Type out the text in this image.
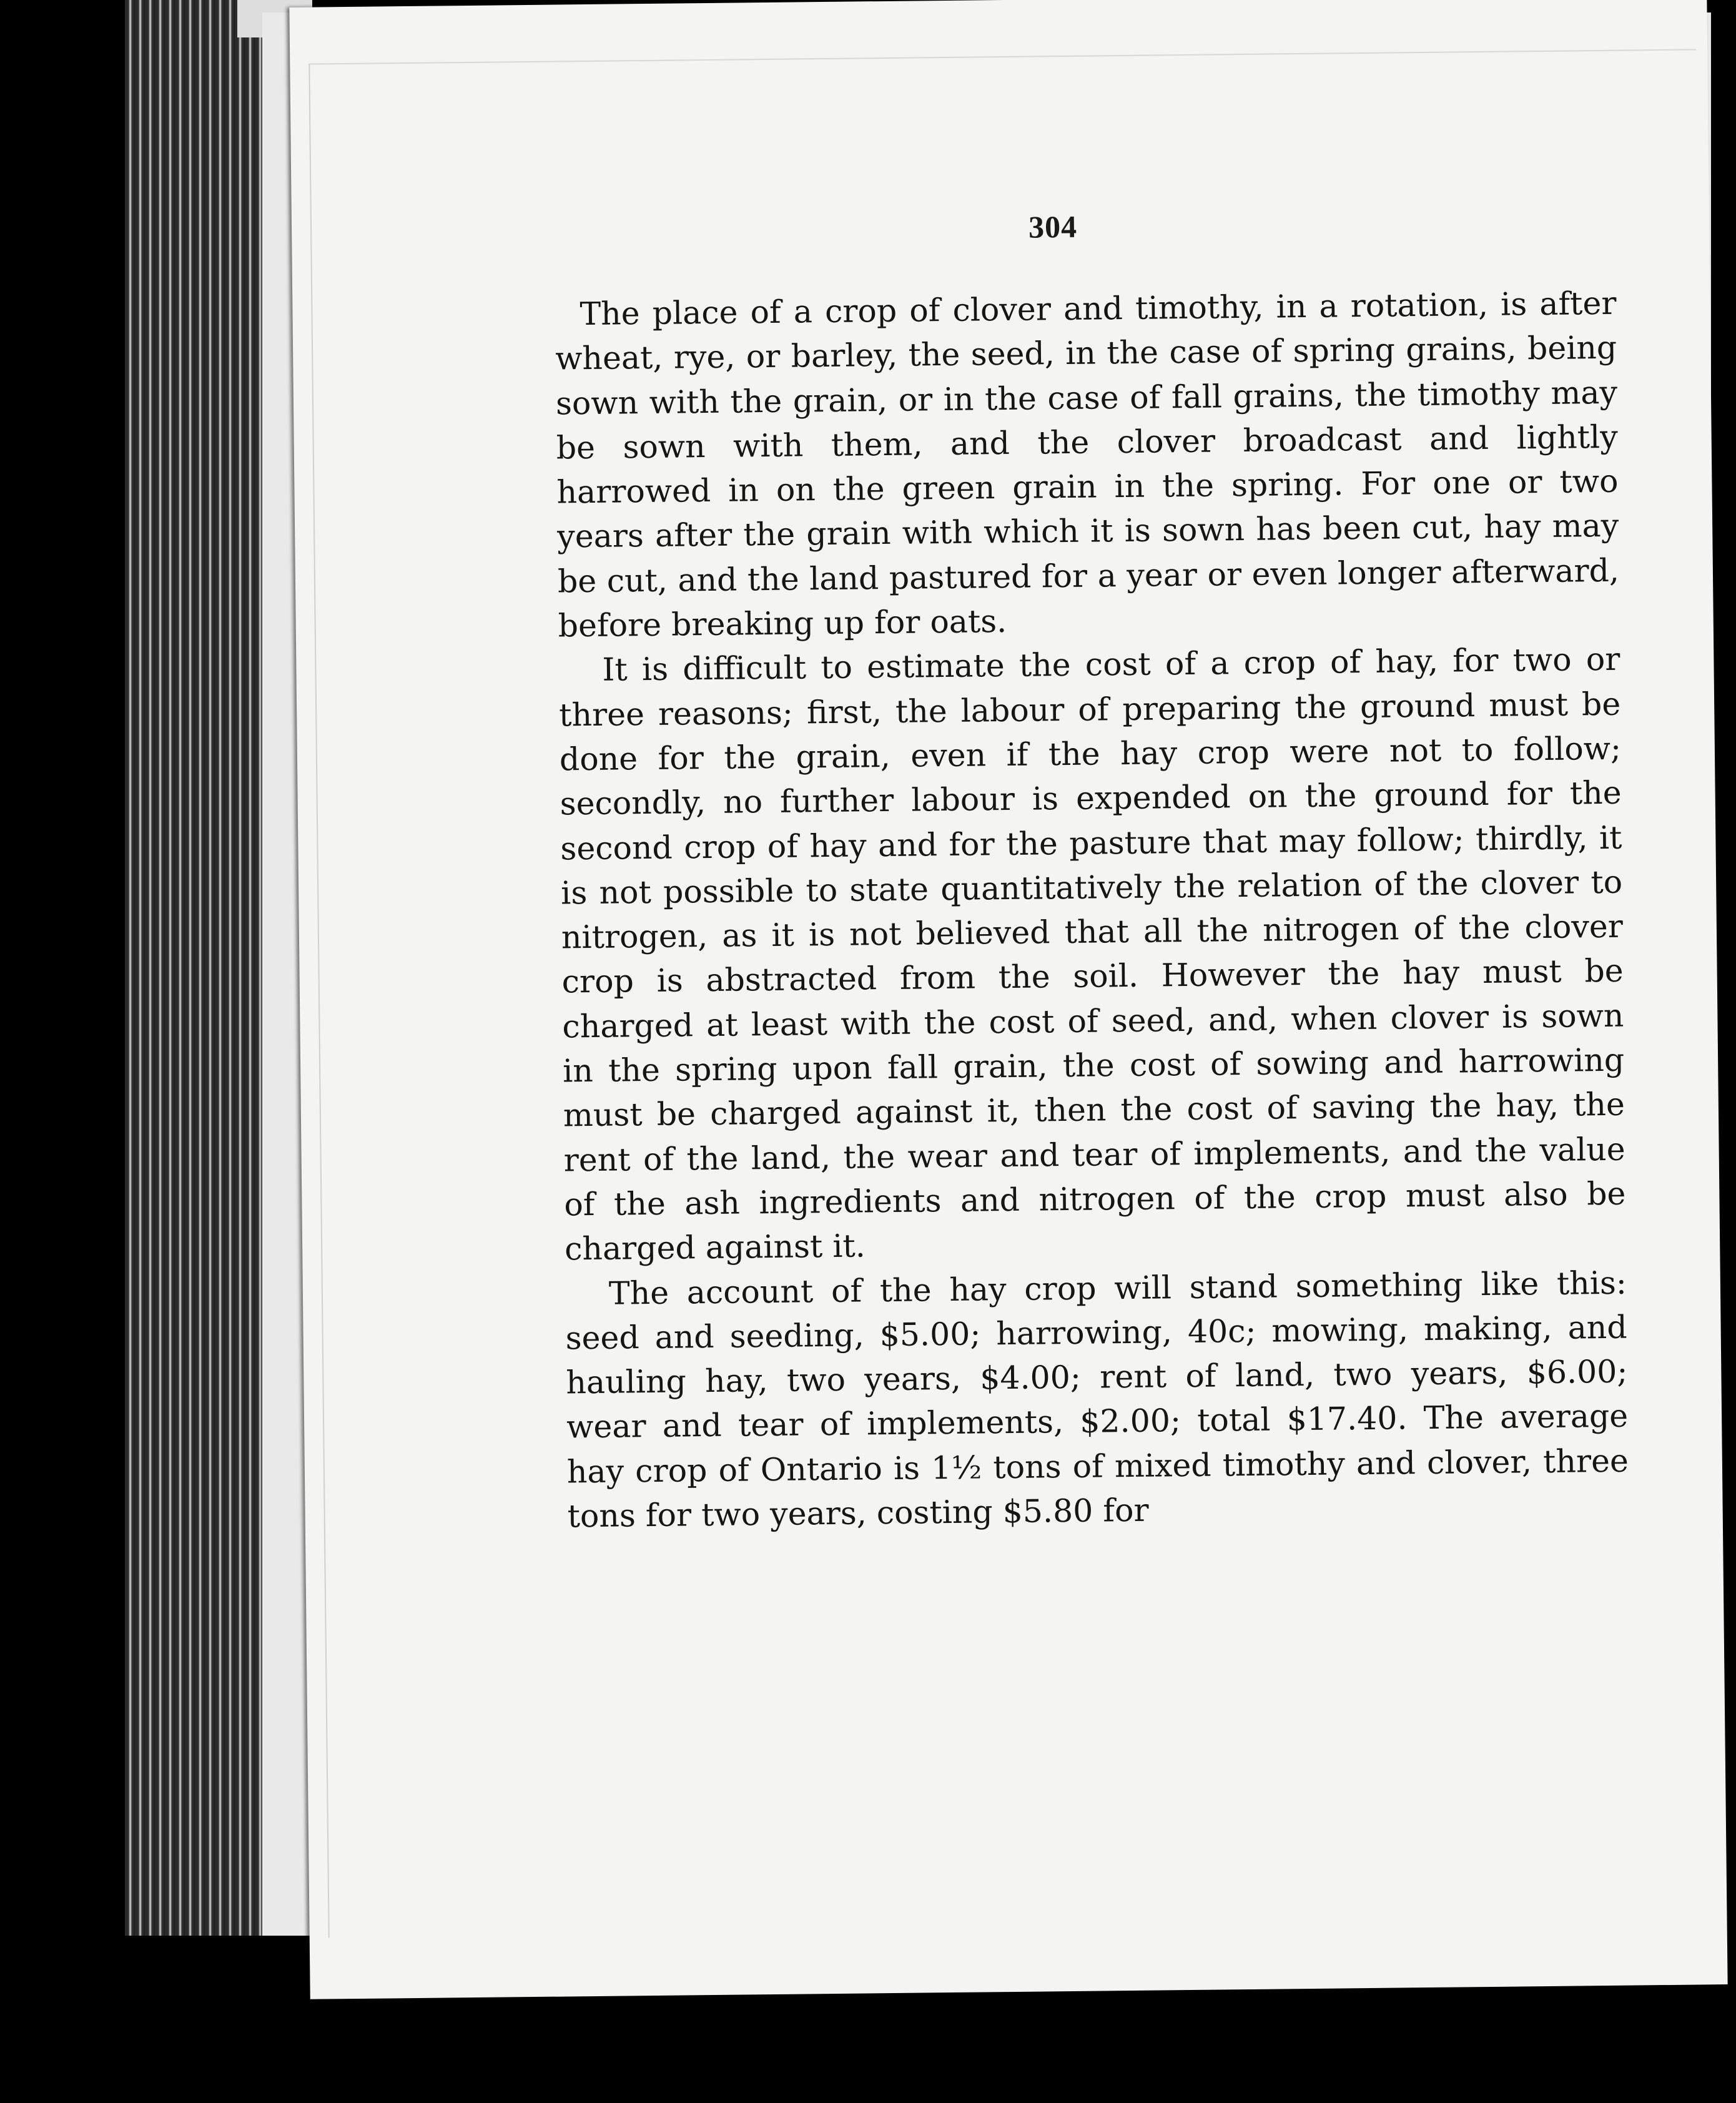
304

The place of a crop of clover and timothy, in a rotation, is after wheat, rye, or barley, the seed, in the case of spring grains, being sown with the grain, or in the case of fall grains, the timothy may be sown with them, and the clover broadcast and lightly harrowed in on the green grain in the spring. For one or two years after the grain with which it is sown has been cut, hay may be cut, and the land pastured for a year or even longer afterward, before breaking up for oats.

It is difficult to estimate the cost of a crop of hay, for two or three reasons; first, the labour of preparing the ground must be done for the grain, even if the hay crop were not to follow; secondly, no further labour is expended on the ground for the second crop of hay and for the pasture that may follow; thirdly, it is not possible to state quantitatively the relation of the clover to nitrogen, as it is not believed that all the nitrogen of the clover crop is abstracted from the soil. However the hay must be charged at least with the cost of seed, and, when clover is sown in the spring upon fall grain, the cost of sowing and harrowing must be charged against it, then the cost of saving the hay, the rent of the land, the wear and tear of implements, and the value of the ash ingredients and nitrogen of the crop must also be charged against it.

The account of the hay crop will stand something like this: seed and seeding, $5.00; harrowing, 40c; mowing, making, and hauling hay, two years, $4.00; rent of land, two years, $6.00; wear and tear of implements, $2.00; total $17.40. The average hay crop of Ontario is 1½ tons of mixed timothy and clover, three tons for two years, costing $5.80 for
